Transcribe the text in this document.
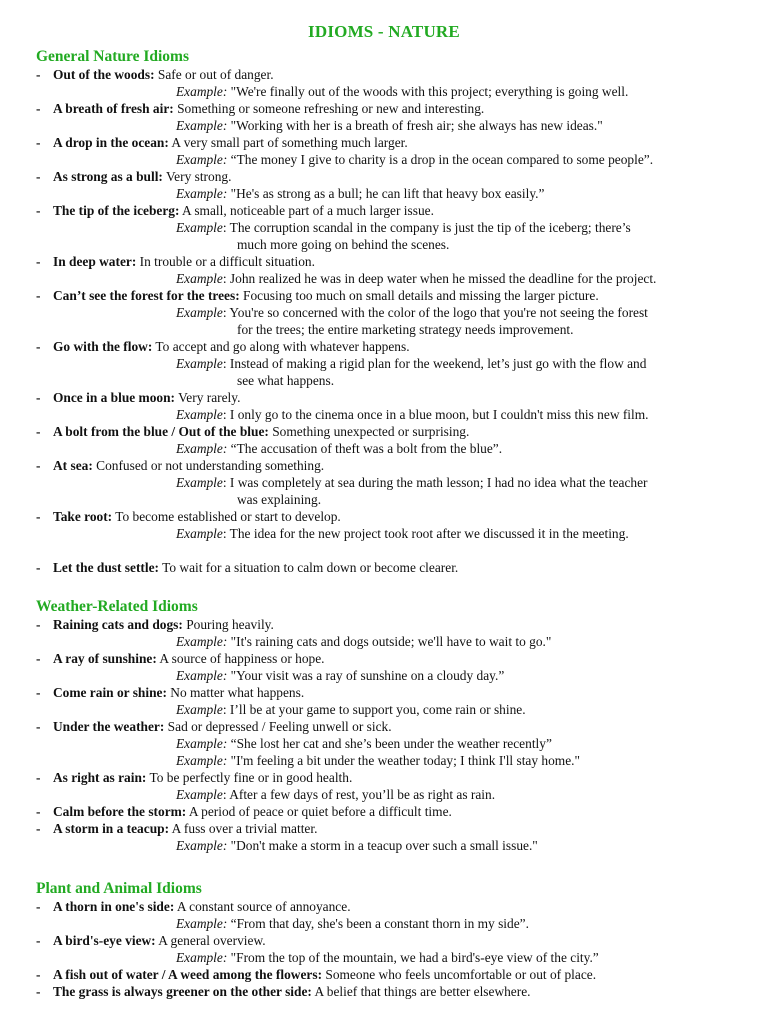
IDIOMS - NATURE
General Nature Idioms
- Out of the woods: Safe or out of danger.
Example: "We're finally out of the woods with this project; everything is going well.
- A breath of fresh air: Something or someone refreshing or new and interesting.
Example: "Working with her is a breath of fresh air; she always has new ideas."
- A drop in the ocean: A very small part of something much larger.
Example: “The money I give to charity is a drop in the ocean compared to some people”.
- As strong as a bull: Very strong.
Example: "He's as strong as a bull; he can lift that heavy box easily.”
- The tip of the iceberg: A small, noticeable part of a much larger issue.
Example: The corruption scandal in the company is just the tip of the iceberg; there’s
much more going on behind the scenes.
- In deep water: In trouble or a difficult situation.
Example: John realized he was in deep water when he missed the deadline for the project.
- Can’t see the forest for the trees: Focusing too much on small details and missing the larger picture.
Example: You're so concerned with the color of the logo that you're not seeing the forest
for the trees; the entire marketing strategy needs improvement.
- Go with the flow: To accept and go along with whatever happens.
Example: Instead of making a rigid plan for the weekend, let’s just go with the flow and
see what happens.
- Once in a blue moon: Very rarely.
Example: I only go to the cinema once in a blue moon, but I couldn't miss this new film.
- A bolt from the blue / Out of the blue: Something unexpected or surprising.
Example: “The accusation of theft was a bolt from the blue”.
- At sea: Confused or not understanding something.
Example: I was completely at sea during the math lesson; I had no idea what the teacher
was explaining.
- Take root: To become established or start to develop.
Example: The idea for the new project took root after we discussed it in the meeting.
- Let the dust settle: To wait for a situation to calm down or become clearer.
Weather-Related Idioms
- Raining cats and dogs: Pouring heavily.
Example: "It's raining cats and dogs outside; we'll have to wait to go."
- A ray of sunshine: A source of happiness or hope.
Example: "Your visit was a ray of sunshine on a cloudy day.”
- Come rain or shine: No matter what happens.
Example: I’ll be at your game to support you, come rain or shine.
- Under the weather: Sad or depressed / Feeling unwell or sick.
Example: “She lost her cat and she’s been under the weather recently”
Example: "I'm feeling a bit under the weather today; I think I'll stay home."
- As right as rain: To be perfectly fine or in good health.
Example: After a few days of rest, you’ll be as right as rain.
- Calm before the storm: A period of peace or quiet before a difficult time.
- A storm in a teacup: A fuss over a trivial matter.
Example: "Don't make a storm in a teacup over such a small issue."
Plant and Animal Idioms
- A thorn in one's side: A constant source of annoyance.
Example: “From that day, she's been a constant thorn in my side”.
- A bird's-eye view: A general overview.
Example: "From the top of the mountain, we had a bird's-eye view of the city.”
- A fish out of water / A weed among the flowers: Someone who feels uncomfortable or out of place.
- The grass is always greener on the other side: A belief that things are better elsewhere.
